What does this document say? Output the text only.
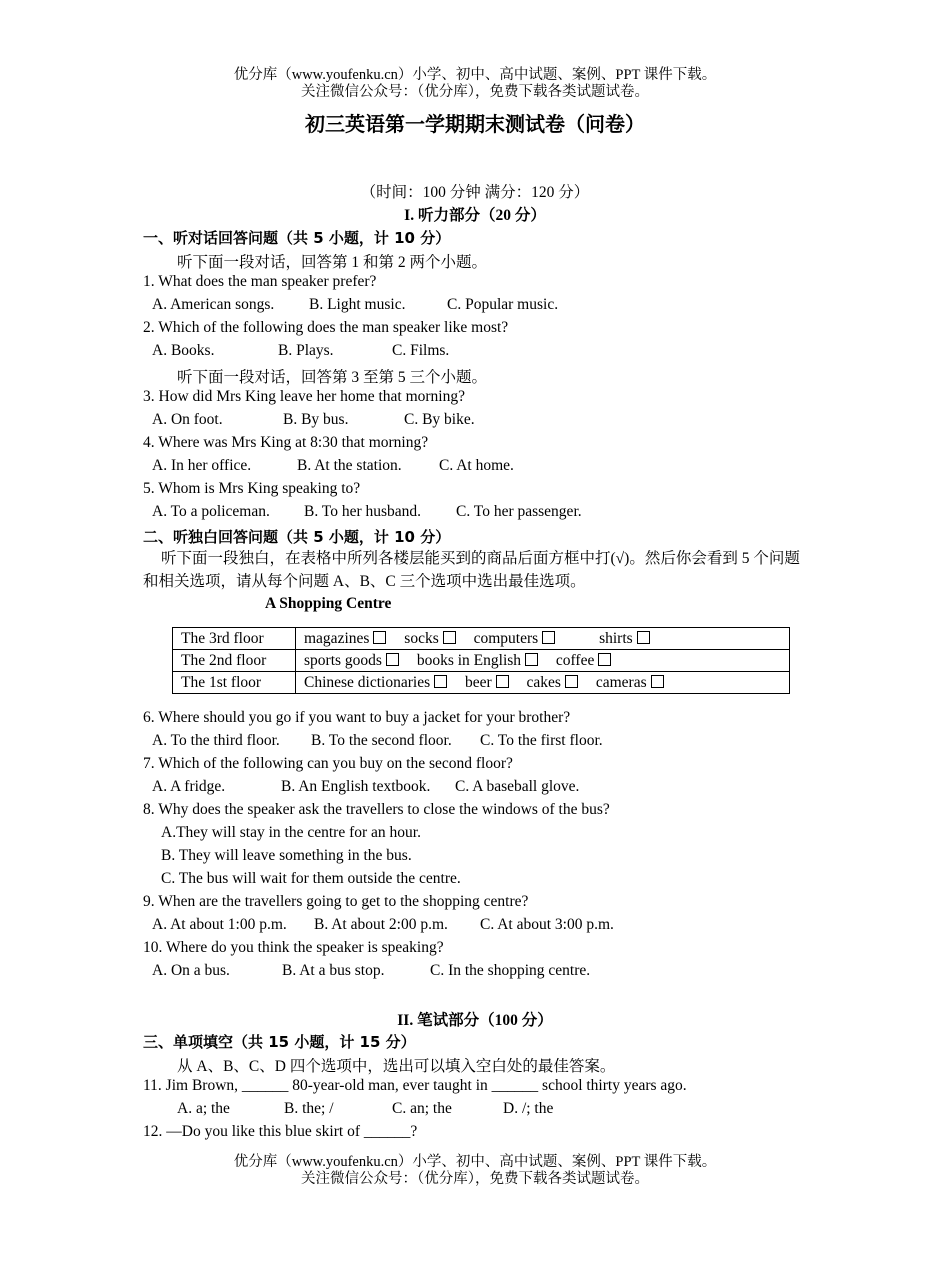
优分库（www.youfenku.cn）小学、初中、高中试题、案例、PPT 课件下载。
关注微信公众号：（优分库），免费下载各类试题试卷。
初三英语第一学期期末测试卷（问卷）
（时间：100 分钟 满分：120 分）
I. 听力部分（20 分）
一、听对话回答问题（共 5 小题，计 10 分）
听下面一段对话，回答第 1 和第 2 两个小题。
1. What does the man speaker prefer?
A. American songs. B. Light music.	C. Popular music.
2. Which of the following does the man speaker like most?
A. Books.	B. Plays.	C. Films.
听下面一段对话，回答第 3 至第 5 三个小题。
3. How did Mrs King leave her home that morning?
A. On foot.	B. By bus.	C. By bike.
4. Where was Mrs King at 8:30 that morning?
A. In her office.	B. At the station. C. At home.
5. Whom is Mrs King speaking to?
A. To a policeman. B. To her husband. C. To her passenger.
二、听独白回答问题（共 5 小题，计 10 分）
听下面一段独白，在表格中所列各楼层能买到的商品后面方框中打(√)。然后你会看到 5 个问题和相关选项，请从每个问题 A、B、C 三个选项中选出最佳选项。
A Shopping Centre
The 3rd floor	magazines socks computers shirts
The 2nd floor	sports goods books in English coffee
The 1st floor	Chinese dictionaries beer cakes cameras
6. Where should you go if you want to buy a jacket for your brother?
A. To the third floor. B. To the second floor. C. To the first floor.
7. Which of the following can you buy on the second floor?
A. A fridge.	B. An English textbook. C. A baseball glove.
8. Why does the speaker ask the travellers to close the windows of the bus?
A.They will stay in the centre for an hour.
B. They will leave something in the bus.
C. The bus will wait for them outside the centre.
9. When are the travellers going to get to the shopping centre?
A. At about 1:00 p.m. B. At about 2:00 p.m. C. At about 3:00 p.m.
10. Where do you think the speaker is speaking?
A. On a bus.	B. At a bus stop.	C. In the shopping centre.
II. 笔试部分（100 分）
三、单项填空（共 15 小题，计 15 分）
从 A、B、C、D 四个选项中，选出可以填入空白处的最佳答案。
11. Jim Brown, ______ 80-year-old man, ever taught in ______ school thirty years ago.
A. a; the	B. the; /	C. an; the	D. /; the
12. —Do you like this blue skirt of ______?
优分库（www.youfenku.cn）小学、初中、高中试题、案例、PPT 课件下载。
关注微信公众号：（优分库），免费下载各类试题试卷。
